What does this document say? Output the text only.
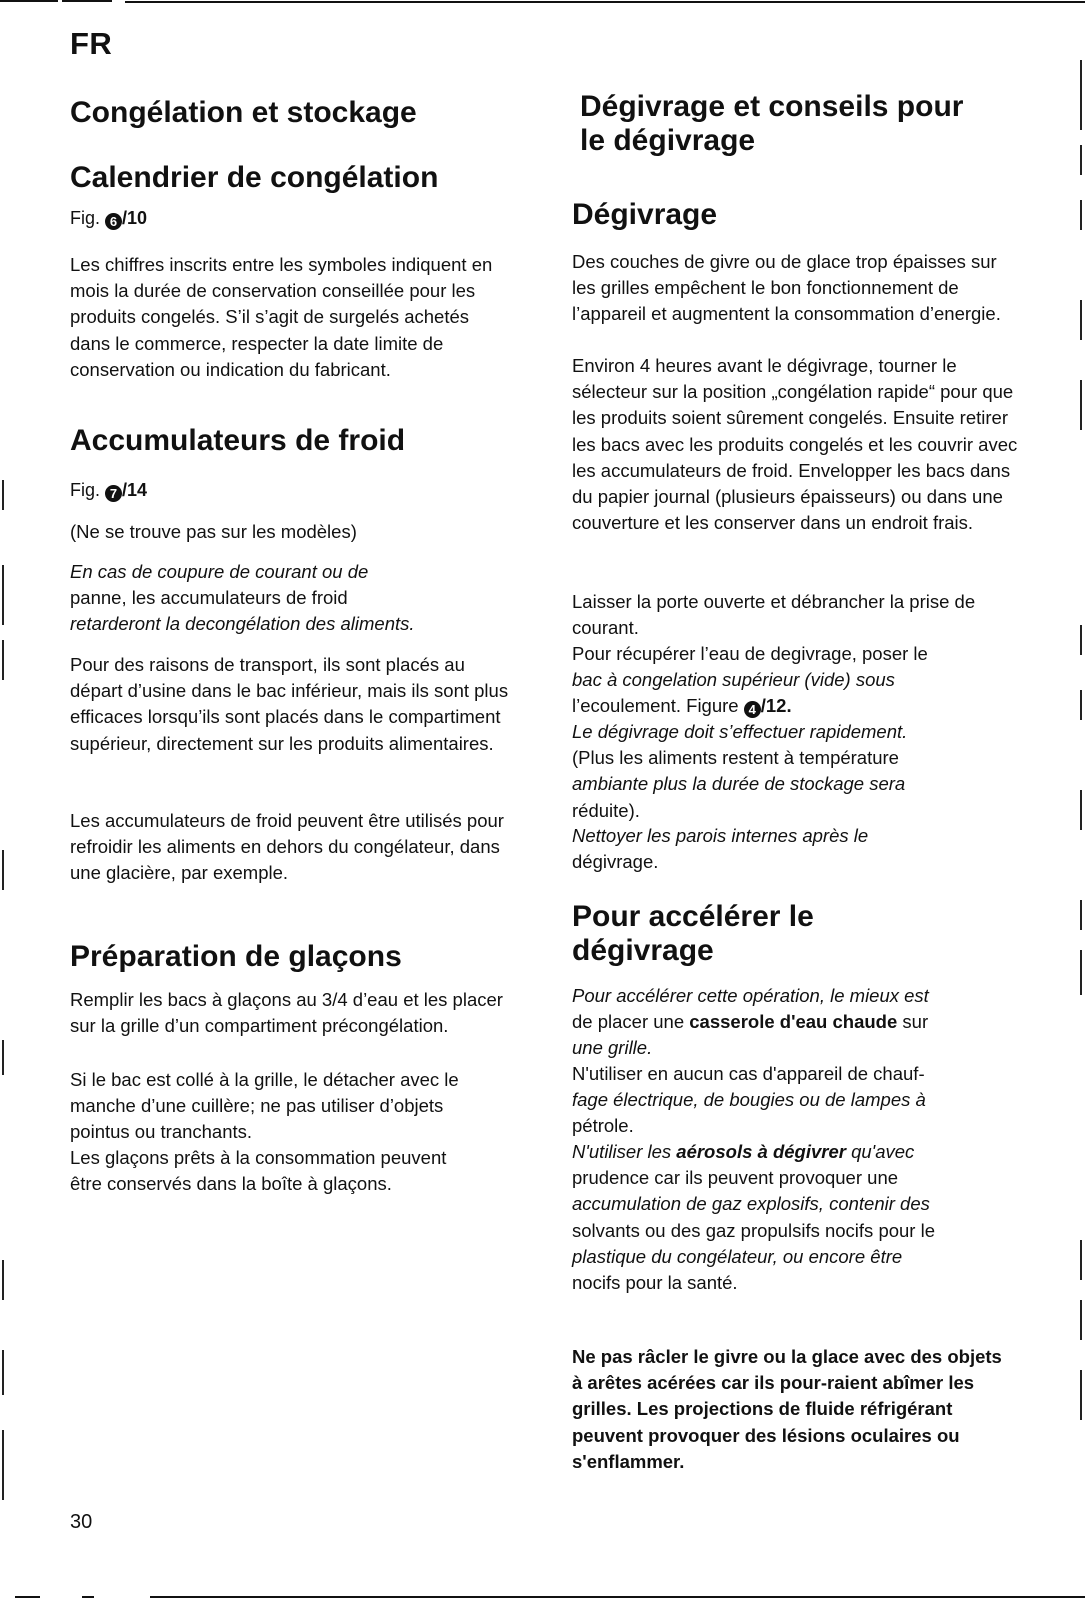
FR
Congélation et stockage
Calendrier de congélation
Fig. 6 /10

Les chiffres inscrits entre les symboles indiquent en mois la durée de conservation conseillée pour les produits congelés. S’il s’agit de surgelés achetés dans le commerce, respecter la date limite de conservation ou indication du fabricant.

Accumulateurs de froid
Fig. 7 /14

(Ne se trouve pas sur les modèles)

En cas de coupure de courant ou de
panne, les accumulateurs de froid
retarderont la decongélation des aliments.

Pour des raisons de transport, ils sont placés au départ d’usine dans le bac inférieur, mais ils sont plus efficaces lorsqu’ils sont placés dans le compartiment supérieur, directement sur les produits alimentaires.

Les accumulateurs de froid peuvent être utilisés pour refroidir les aliments en dehors du congélateur, dans une glacière, par exemple.

Préparation de glaçons

Remplir les bacs à glaçons au 3/4 d’eau et les placer sur la grille d’un compartiment précongélation.

Si le bac est collé à la grille, le détacher avec le manche d’une cuillère; ne pas utiliser d’objets pointus ou tranchants.

Les glaçons prêts à la consommation peuvent être conservés dans la boîte à glaçons.

Dégivrage et conseils pour
le dégivrage
Dégivrage

Des couches de givre ou de glace trop épaisses sur les grilles empêchent le bon fonctionnement de l’appareil et augmentent la consommation d’energie.

Environ 4 heures avant le dégivrage, tourner le sélecteur sur la position „congélation rapide“ pour que les produits soient sûrement congelés. Ensuite retirer les bacs avec les produits congelés et les couvrir avec les accumulateurs de froid. Envelopper les bacs dans du papier journal (plusieurs épaisseurs) ou dans une couverture et les conserver dans un endroit frais.

Laisser la porte ouverte et débrancher la prise de courant.

Pour récupérer l’eau de degivrage, poser le
bac à congelation supérieur (vide) sous
l’ecoulement. Figure 4 /12.

Le dégivrage doit s’effectuer rapidement.
(Plus les aliments restent à température
ambiante plus la durée de stockage sera
réduite).

Nettoyer les parois internes après le
dégivrage.

Pour accélérer le
dégivrage

Pour accélérer cette opération, le mieux est
de placer une casserole d'eau chaude sur
une grille.

N'utiliser en aucun cas d'appareil de chauf-
fage électrique, de bougies ou de lampes à
pétrole.

N'utiliser les aérosols à dégivrer qu'avec
prudence car ils peuvent provoquer une
accumulation de gaz explosifs, contenir des
solvants ou des gaz propulsifs nocifs pour le
plastique du congélateur, ou encore être
nocifs pour la santé.

Ne pas râcler le givre ou la glace avec des objets à arêtes acérées car ils pour-raient abîmer les grilles. Les projections de fluide réfrigérant peuvent provoquer des lésions oculaires ou s'enflammer.

30
